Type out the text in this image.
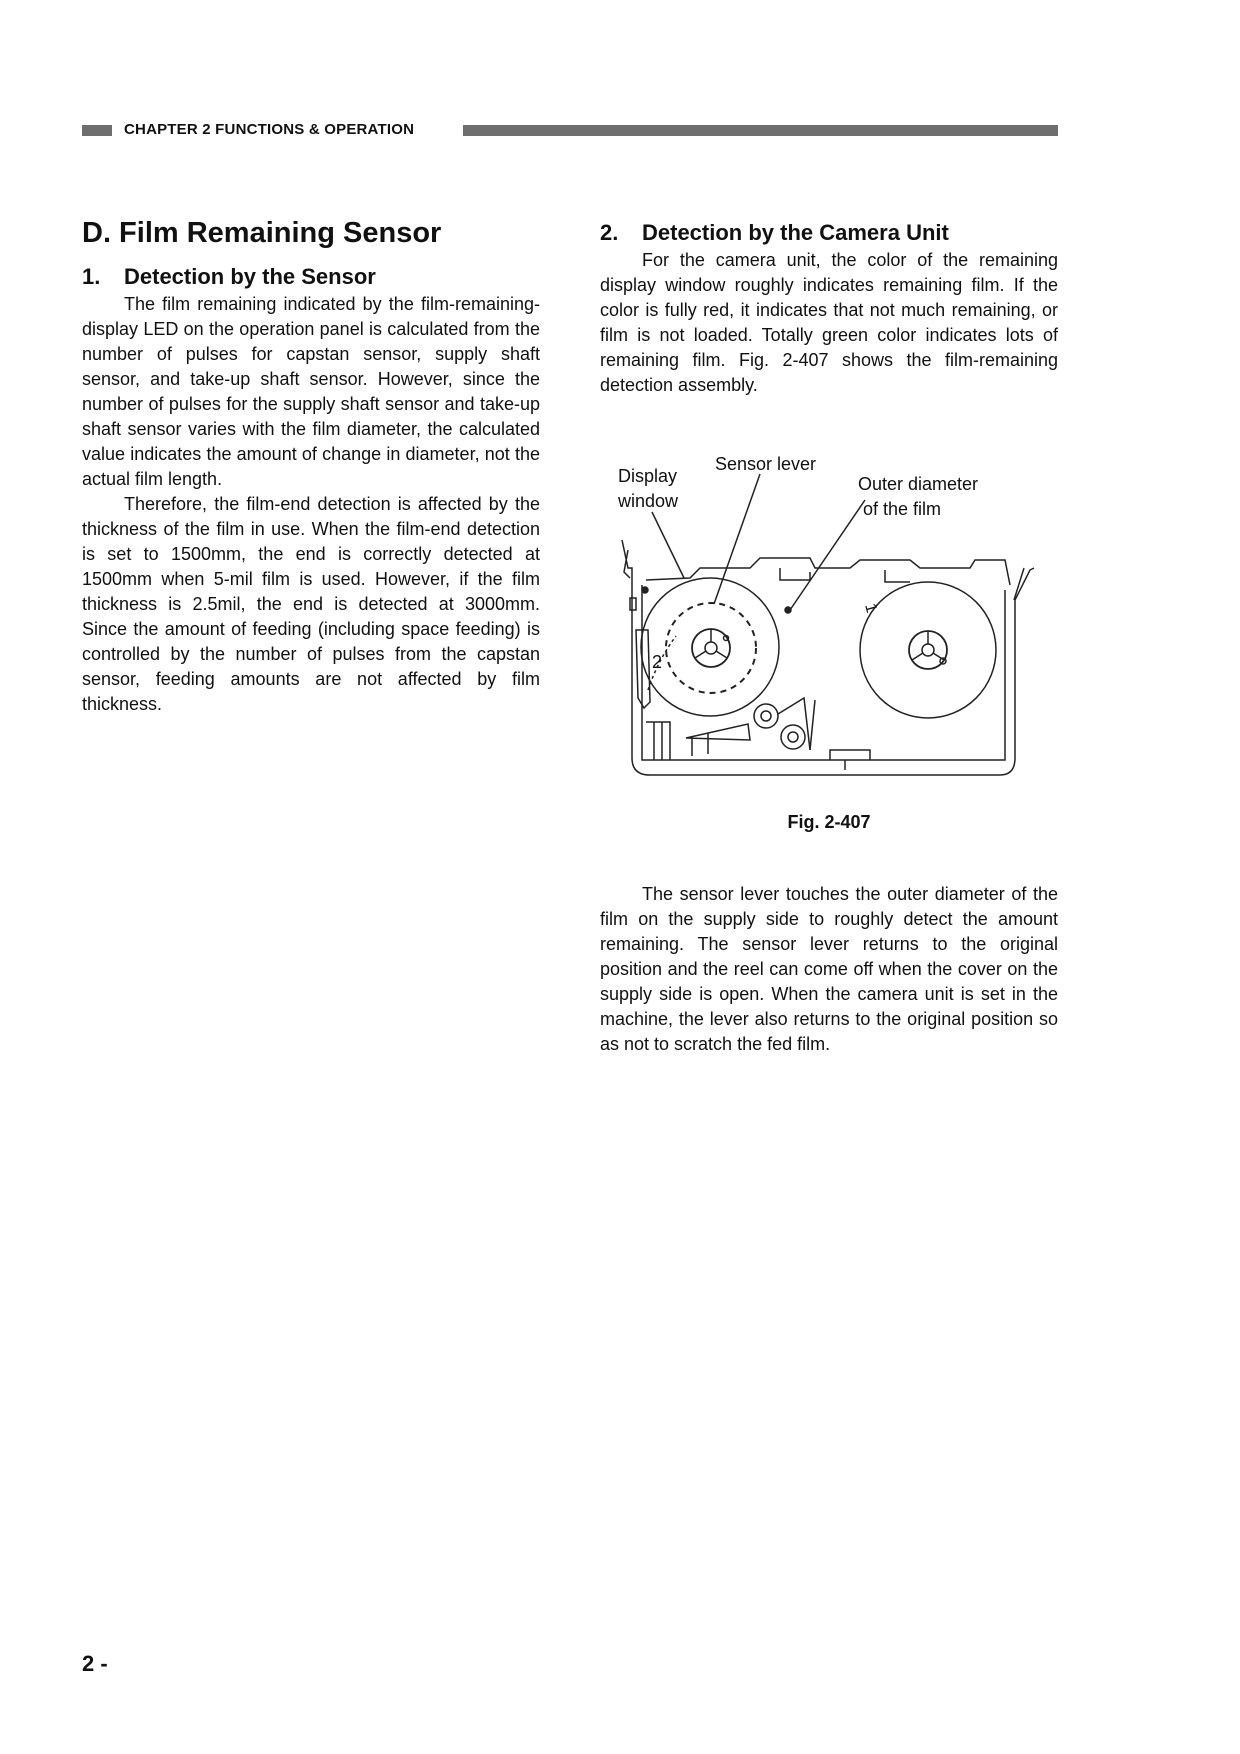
CHAPTER 2 FUNCTIONS & OPERATION
D. Film Remaining Sensor
1. Detection by the Sensor

The film remaining indicated by the film-remaining-display LED on the operation panel is calculated from the number of pulses for capstan sensor, supply shaft sensor, and take-up shaft sensor. However, since the number of pulses for the supply shaft sensor and take-up shaft sensor varies with the film diameter, the calculated value indicates the amount of change in diameter, not the actual film length.

Therefore, the film-end detection is affected by the thickness of the film in use. When the film-end detection is set to 1500mm, the end is correctly detected at 1500mm when 5-mil film is used. However, if the film thickness is 2.5mil, the end is detected at 3000mm. Since the amount of feeding (including space feeding) is controlled by the number of pulses from the capstan sensor, feeding amounts are not affected by film thickness.

2. Detection by the Camera Unit

For the camera unit, the color of the remaining display window roughly indicates remaining film. If the color is fully red, it indicates that not much remaining, or film is not loaded. Totally green color indicates lots of remaining film. Fig. 2-407 shows the film-remaining detection assembly.

Display
window
Sensor lever
Outer diameter
of the film
1
2
Fig. 2-407

The sensor lever touches the outer diameter of the film on the supply side to roughly detect the amount remaining. The sensor lever returns to the original position and the reel can come off when the cover on the supply side is open. When the camera unit is set in the machine, the lever also returns to the original position so as not to scratch the fed film.

2 -
